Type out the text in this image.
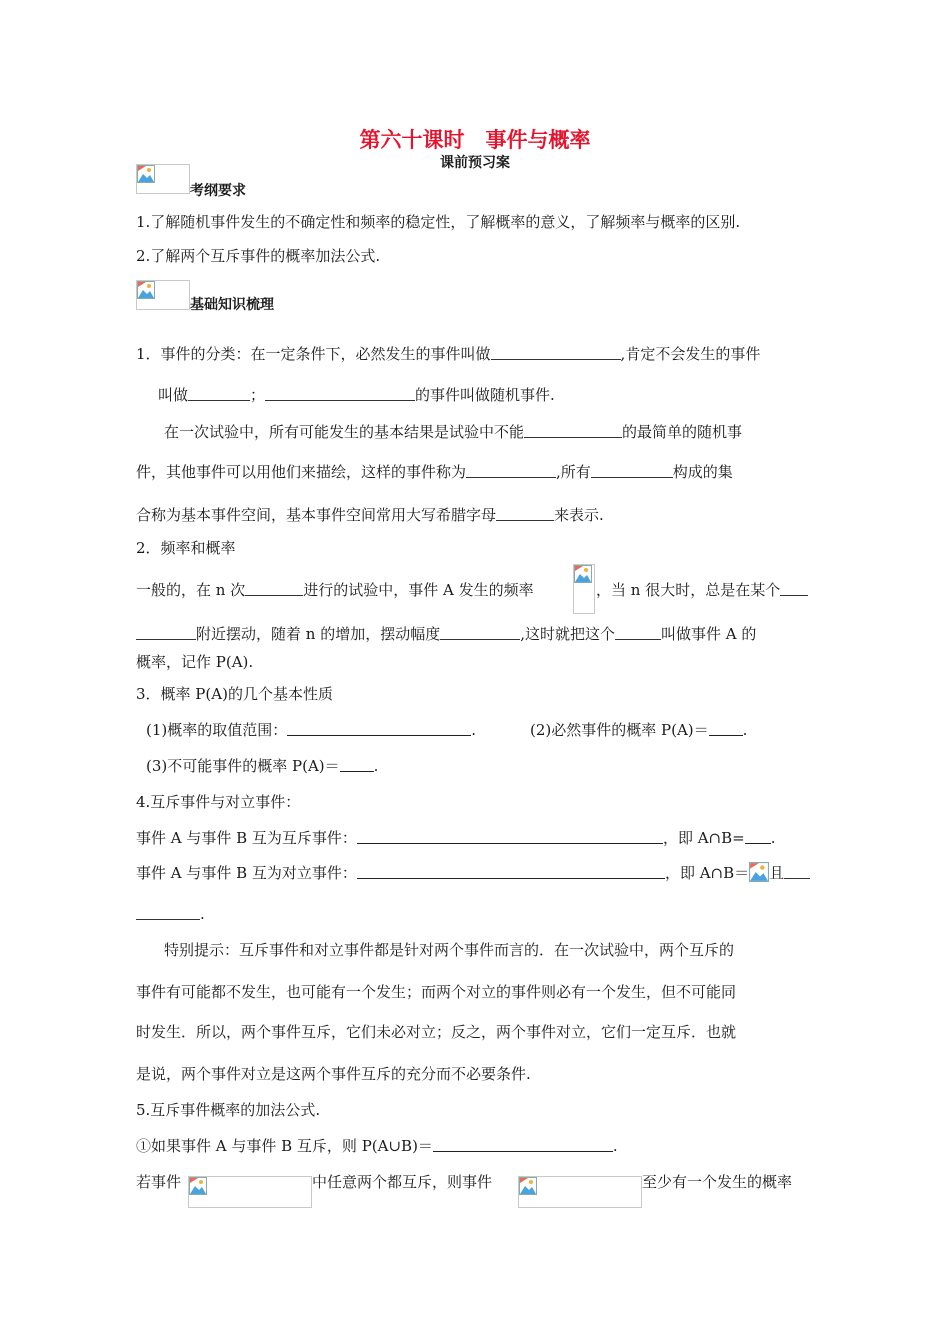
第六十课时　事件与概率
课前预习案
考纲要求
1.了解随机事件发生的不确定性和频率的稳定性，了解概率的意义，了解频率与概率的区别.
2.了解两个互斥事件的概率加法公式.
基础知识梳理
1．事件的分类：在一定条件下，必然发生的事件叫做	,肯定不会发生的事件
叫做	；	的事件叫做随机事件.
在一次试验中，所有可能发生的基本结果是试验中不能	的最简单的随机事
件，其他事件可以用他们来描绘，这样的事件称为	,所有	构成的集
合称为基本事件空间，基本事件空间常用大写希腊字母	来表示.
2．频率和概率
一般的，在 n 次	进行的试验中，事件 A 发生的频率	，当 n 很大时，总是在某个
附近摆动，随着 n 的增加，摆动幅度	,这时就把这个	叫做事件 A 的
概率，记作 P(A).
3．概率 P(A)的几个基本性质
(1)概率的取值范围：	.	(2)必然事件的概率 P(A)＝ .
(3)不可能事件的概率 P(A)＝ .
4.互斥事件与对立事件：
事件 A 与事件 B 互为互斥事件：	，即 A∩B= .
事件 A 与事件 B 互为对立事件：	，即 A∩B＝ 且
.
特别提示：互斥事件和对立事件都是针对两个事件而言的．在一次试验中，两个互斥的
事件有可能都不发生，也可能有一个发生；而两个对立的事件则必有一个发生，但不可能同
时发生．所以，两个事件互斥，它们未必对立；反之，两个事件对立，它们一定互斥．也就
是说，两个事件对立是这两个事件互斥的充分而不必要条件.
5.互斥事件概率的加法公式.
①如果事件 A 与事件 B 互斥，则 P(A∪B)＝	.
若事件	中任意两个都互斥，则事件	至少有一个发生的概率
